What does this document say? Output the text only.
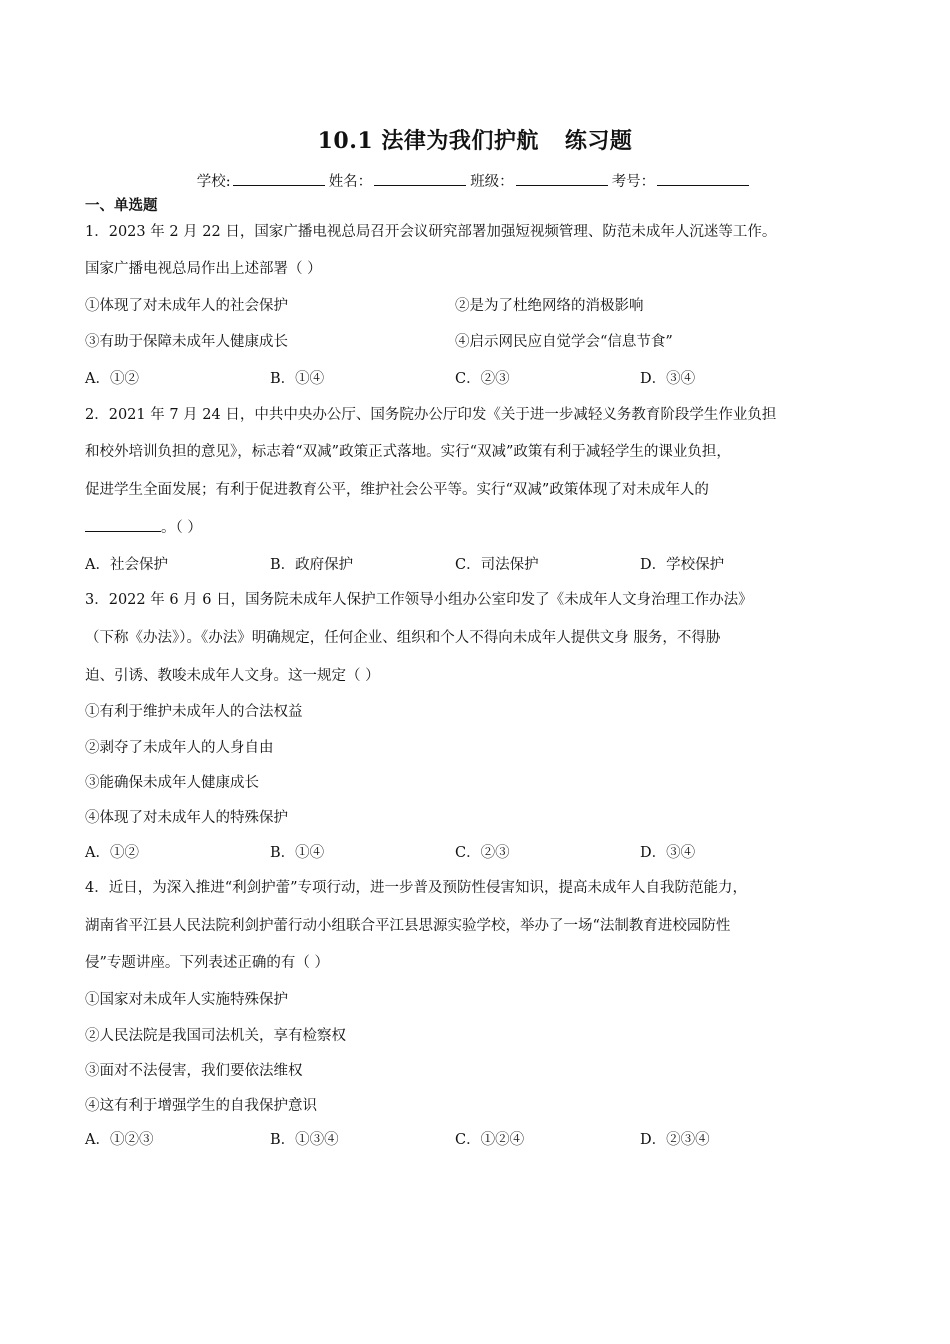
10.1 法律为我们护航 练习题
学校:	姓名：	班级：	考号：
一、单选题
1．2023 年 2 月 22 日，国家广播电视总局召开会议研究部署加强短视频管理、防范未成年人沉迷等工作。
国家广播电视总局作出上述部署（ ）
①体现了对未成年人的社会保护	②是为了杜绝网络的消极影响
③有助于保障未成年人健康成长	④启示网民应自觉学会“信息节食”
A．①②	B．①④	C．②③	D．③④
2．2021 年 7 月 24 日，中共中央办公厅、国务院办公厅印发《关于进一步减轻义务教育阶段学生作业负担
和校外培训负担的意见》，标志着“双减”政策正式落地。实行“双减”政策有利于减轻学生的课业负担，
促进学生全面发展；有利于促进教育公平，维护社会公平等。实行“双减”政策体现了对未成年人的
。（ ）
A．社会保护	B．政府保护	C．司法保护	D．学校保护
3．2022 年 6 月 6 日，国务院未成年人保护工作领导小组办公室印发了《未成年人文身治理工作办法》
（下称《办法》）。《办法》明确规定，任何企业、组织和个人不得向未成年人提供文身 服务，不得胁
迫、引诱、教唆未成年人文身。这一规定（ ）
①有利于维护未成年人的合法权益
②剥夺了未成年人的人身自由
③能确保未成年人健康成长
④体现了对未成年人的特殊保护
A．①②	B．①④	C．②③	D．③④
4．近日，为深入推进“利剑护蕾”专项行动，进一步普及预防性侵害知识，提高未成年人自我防范能力，
湖南省平江县人民法院利剑护蕾行动小组联合平江县思源实验学校，举办了一场“法制教育进校园防性
侵”专题讲座。下列表述正确的有（ ）
①国家对未成年人实施特殊保护
②人民法院是我国司法机关，享有检察权
③面对不法侵害，我们要依法维权
④这有利于增强学生的自我保护意识
A．①②③	B．①③④	C．①②④	D．②③④
